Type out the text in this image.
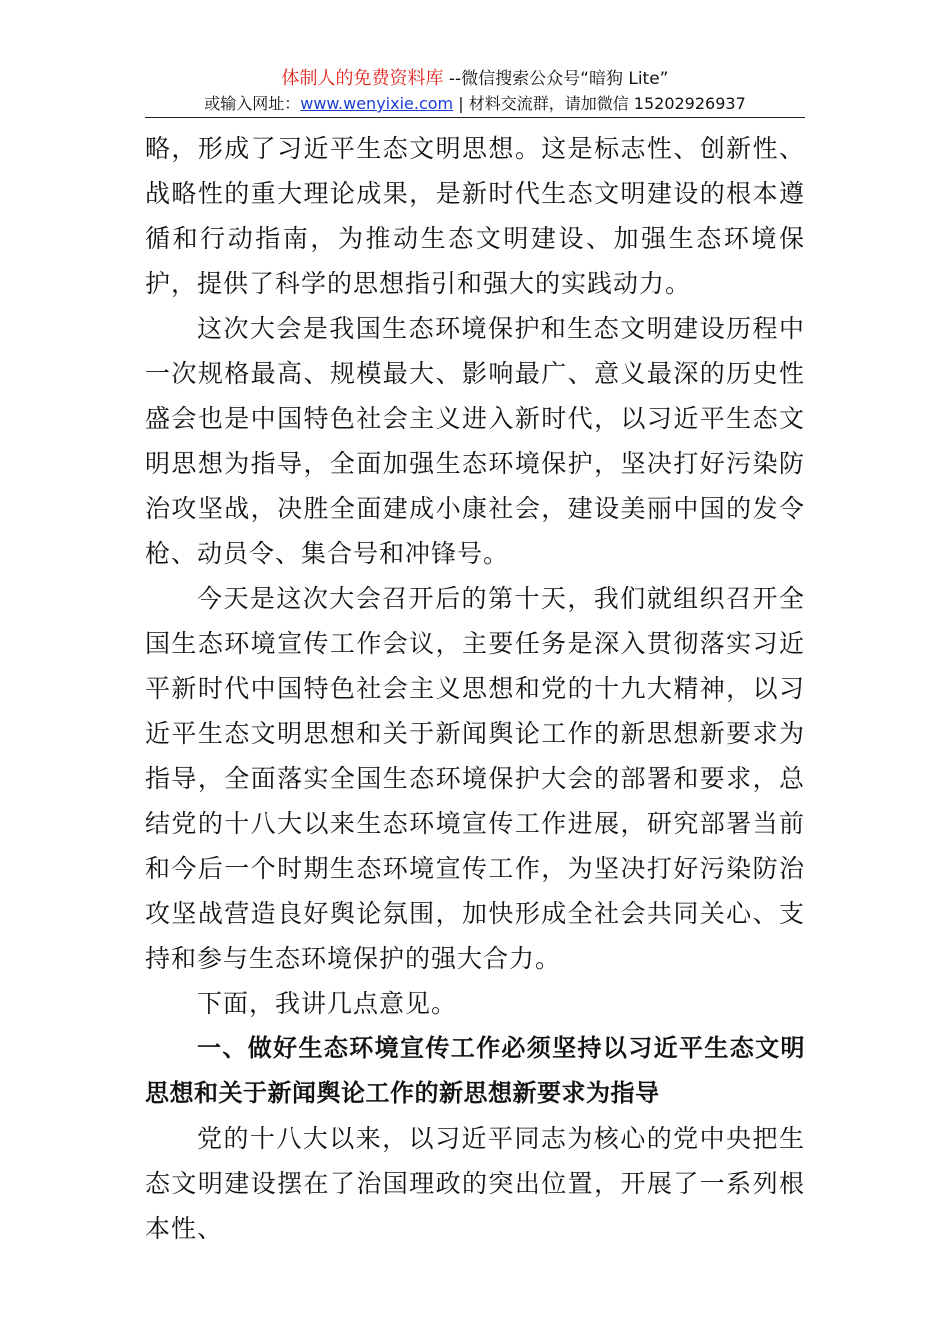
体制人的免费资料库 --微信搜索公众号“暗狗 Lite”
或输入网址：www.wenyixie.com | 材料交流群，请加微信 15202926937

略，形成了习近平生态文明思想。这是标志性、创新性、战略性的重大理论成果，是新时代生态文明建设的根本遵循和行动指南，为推动生态文明建设、加强生态环境保护，提供了科学的思想指引和强大的实践动力。

这次大会是我国生态环境保护和生态文明建设历程中一次规格最高、规模最大、影响最广、意义最深的历史性盛会也是中国特色社会主义进入新时代，以习近平生态文明思想为指导，全面加强生态环境保护，坚决打好污染防治攻坚战，决胜全面建成小康社会，建设美丽中国的发令枪、动员令、集合号和冲锋号。

今天是这次大会召开后的第十天，我们就组织召开全国生态环境宣传工作会议，主要任务是深入贯彻落实习近平新时代中国特色社会主义思想和党的十九大精神，以习近平生态文明思想和关于新闻舆论工作的新思想新要求为指导，全面落实全国生态环境保护大会的部署和要求，总结党的十八大以来生态环境宣传工作进展，研究部署当前和今后一个时期生态环境宣传工作，为坚决打好污染防治攻坚战营造良好舆论氛围，加快形成全社会共同关心、支持和参与生态环境保护的强大合力。

下面，我讲几点意见。

一、做好生态环境宣传工作必须坚持以习近平生态文明思想和关于新闻舆论工作的新思想新要求为指导

党的十八大以来，以习近平同志为核心的党中央把生态文明建设摆在了治国理政的突出位置，开展了一系列根本性、
